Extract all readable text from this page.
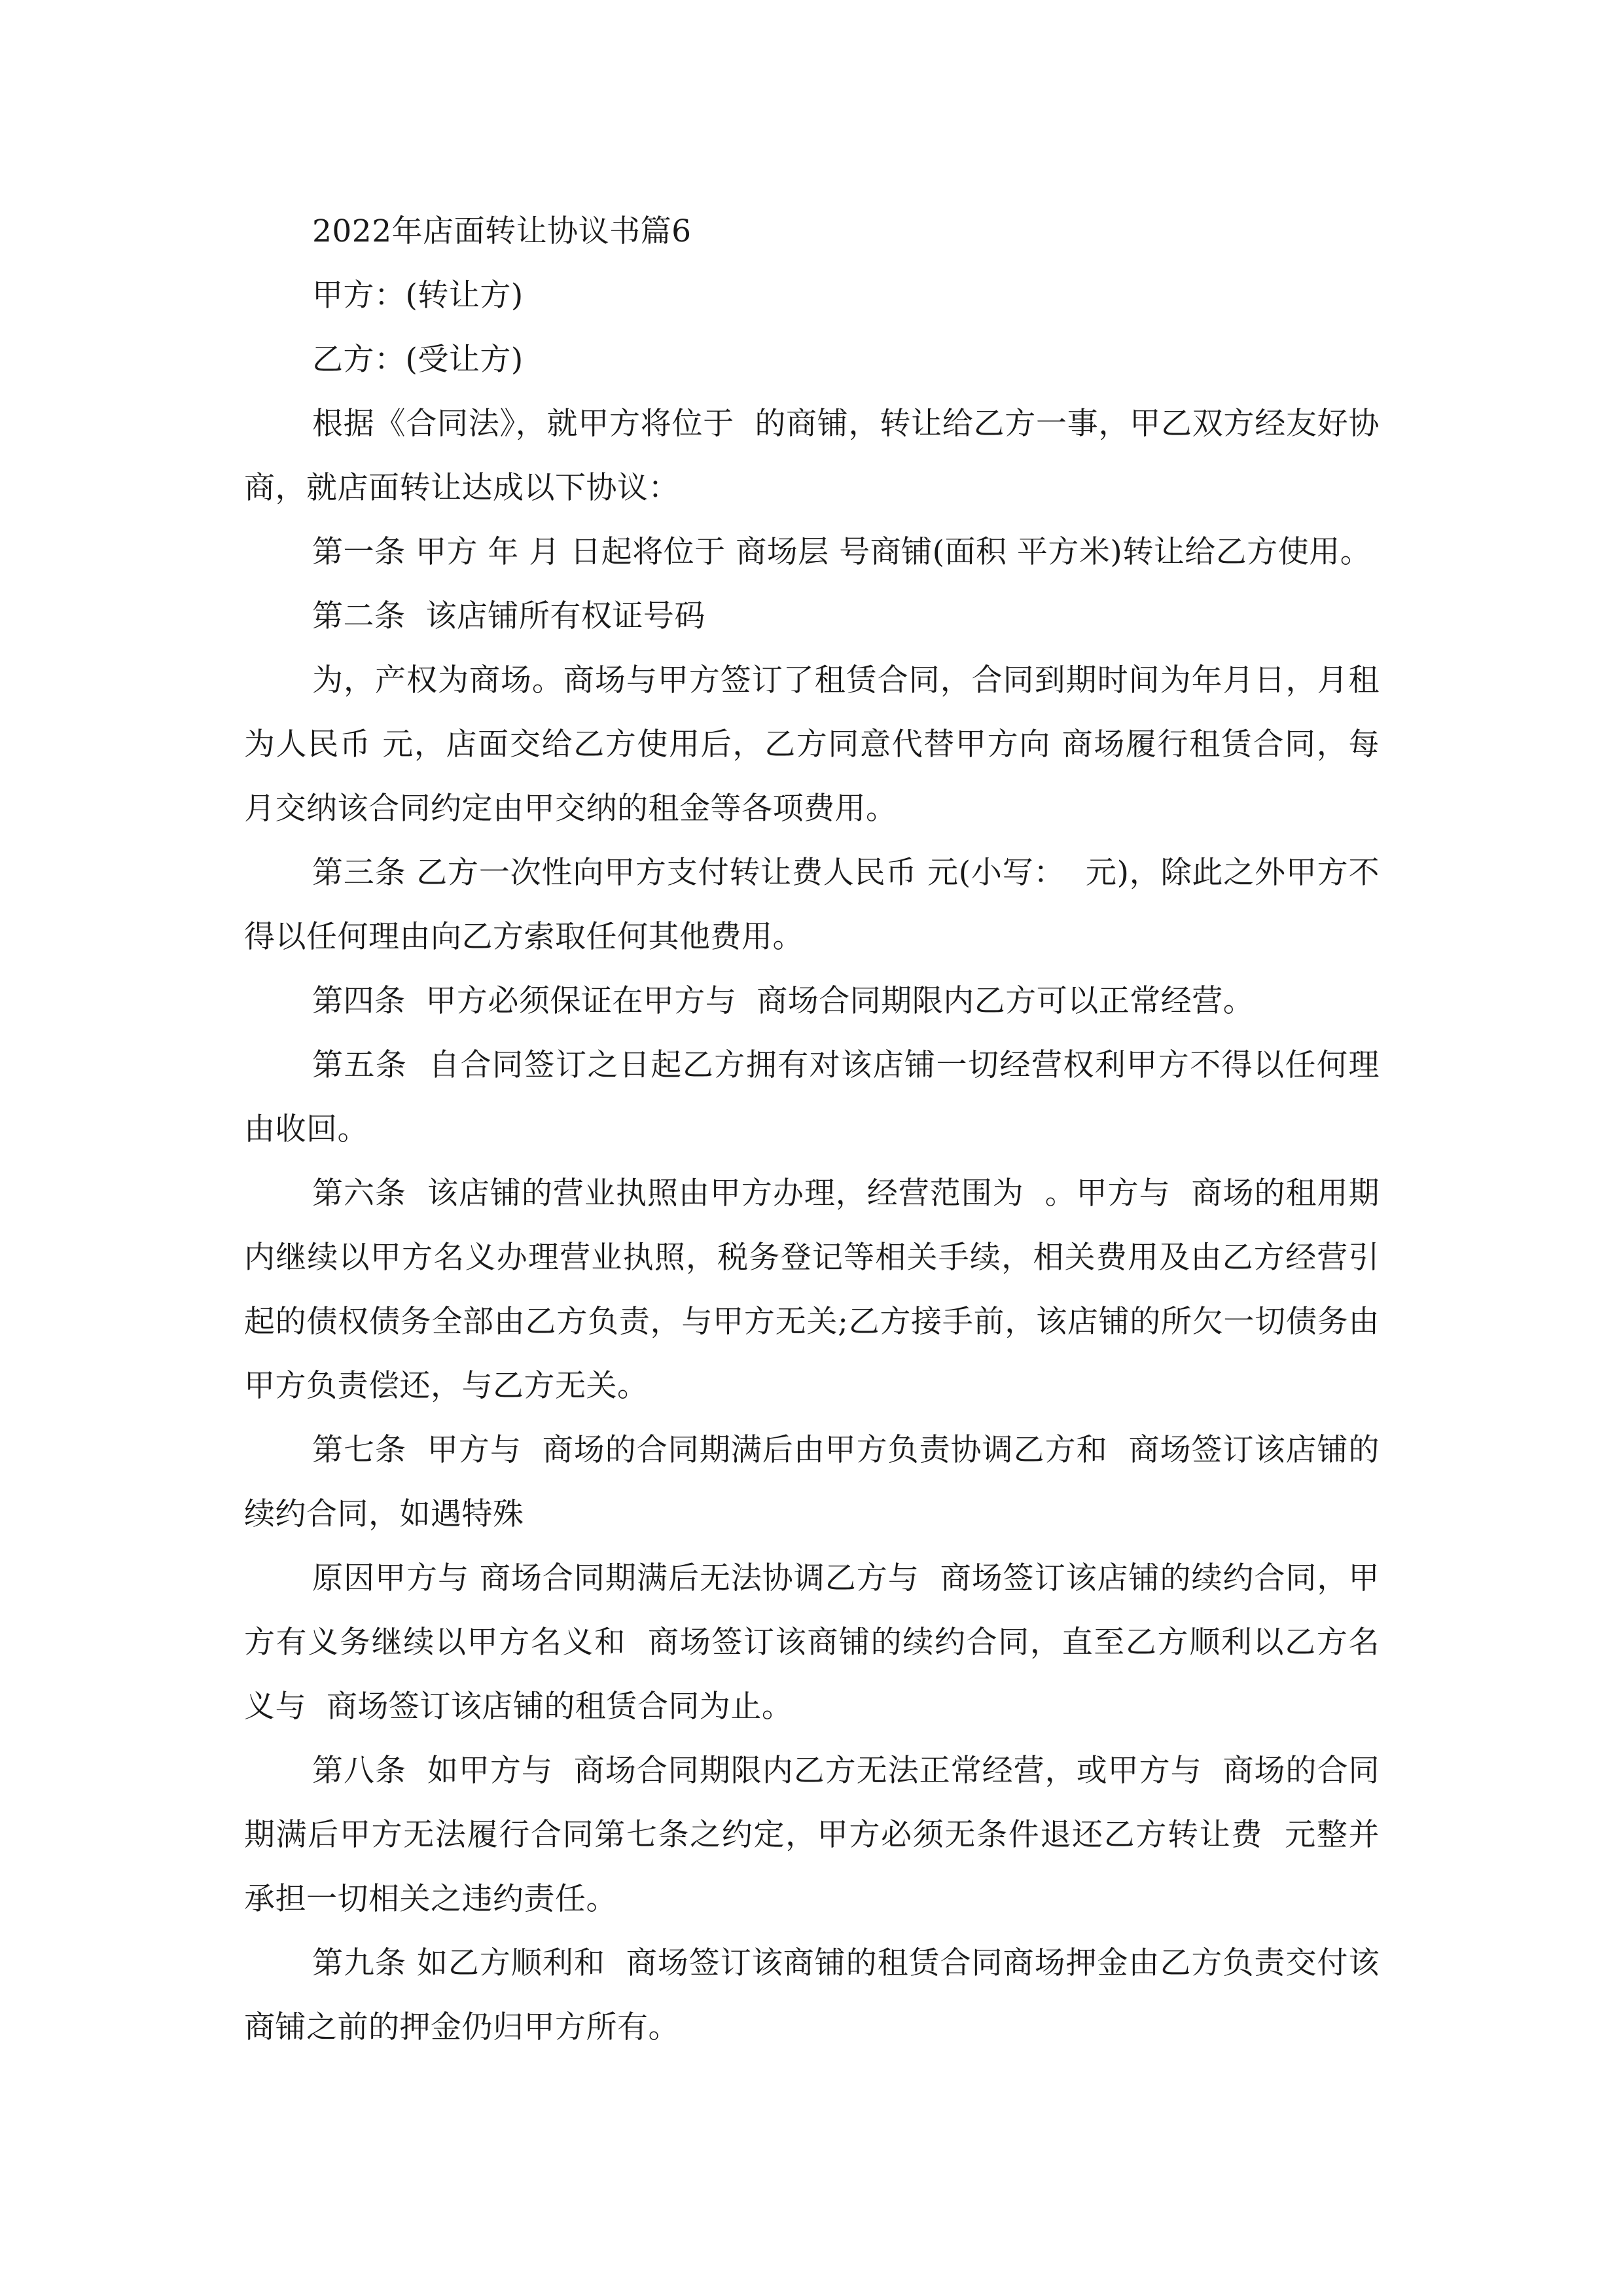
2022年店面转让协议书篇6

甲方：(转让方)

乙方：(受让方)

根据《合同法》，就甲方将位于  的商铺，转让给乙方一事，甲乙双方经友好协商，就店面转让达成以下协议：

第一条 甲方 年 月 日起将位于 商场层 号商铺(面积 平方米)转让给乙方使用。

第二条  该店铺所有权证号码

为，产权为商场。商场与甲方签订了租赁合同，合同到期时间为年月日，月租为人民币 元，店面交给乙方使用后，乙方同意代替甲方向 商场履行租赁合同，每月交纳该合同约定由甲交纳的租金等各项费用。

第三条 乙方一次性向甲方支付转让费人民币 元(小写：  元)，除此之外甲方不得以任何理由向乙方索取任何其他费用。

第四条  甲方必须保证在甲方与  商场合同期限内乙方可以正常经营。

第五条  自合同签订之日起乙方拥有对该店铺一切经营权利甲方不得以任何理由收回。

第六条  该店铺的营业执照由甲方办理，经营范围为  。甲方与  商场的租用期内继续以甲方名义办理营业执照，税务登记等相关手续，相关费用及由乙方经营引起的债权债务全部由乙方负责，与甲方无关;乙方接手前，该店铺的所欠一切债务由甲方负责偿还，与乙方无关。

第七条  甲方与  商场的合同期满后由甲方负责协调乙方和  商场签订该店铺的续约合同，如遇特殊

原因甲方与 商场合同期满后无法协调乙方与  商场签订该店铺的续约合同，甲方有义务继续以甲方名义和  商场签订该商铺的续约合同，直至乙方顺利以乙方名义与  商场签订该店铺的租赁合同为止。

第八条  如甲方与  商场合同期限内乙方无法正常经营，或甲方与  商场的合同期满后甲方无法履行合同第七条之约定，甲方必须无条件退还乙方转让费  元整并承担一切相关之违约责任。

第九条 如乙方顺利和  商场签订该商铺的租赁合同商场押金由乙方负责交付该商铺之前的押金仍归甲方所有。
